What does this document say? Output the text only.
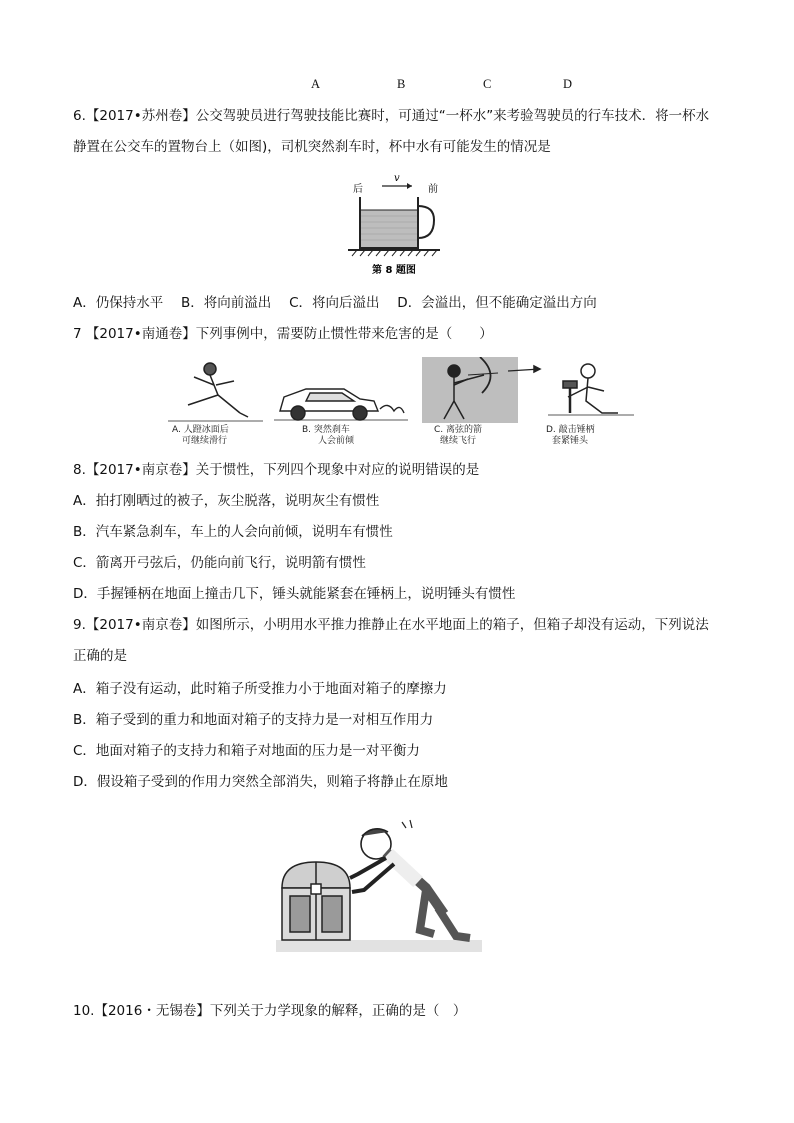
A	B	C	D
6.【2017•苏州卷】公交驾驶员进行驾驶技能比赛时，可通过“一杯水”来考验驾驶员的行车技术．将一杯水
静置在公交车的置物台上（如图)，司机突然刹车时，杯中水有可能发生的情况是
后
v
前
第 8 题图
A．仍保持水平　 B．将向前溢出　 C．将向后溢出　 D．会溢出，但不能确定溢出方向
7 【2017•南通卷】下列事例中，需要防止惯性带来危害的是（　　）
A. 人蹬冰面后
可继续滑行
B. 突然刹车
人会前倾
C. 离弦的箭
继续飞行
D. 敲击锤柄
套紧锤头
8.【2017•南京卷】关于惯性，下列四个现象中对应的说明错误的是
A．拍打刚晒过的被子，灰尘脱落，说明灰尘有惯性
B．汽车紧急刹车，车上的人会向前倾，说明车有惯性
C．箭离开弓弦后，仍能向前飞行，说明箭有惯性
D．手握锤柄在地面上撞击几下，锤头就能紧套在锤柄上，说明锤头有惯性
9.【2017•南京卷】如图所示，小明用水平推力推静止在水平地面上的箱子，但箱子却没有运动，下列说法
正确的是
A．箱子没有运动，此时箱子所受推力小于地面对箱子的摩擦力
B．箱子受到的重力和地面对箱子的支持力是一对相互作用力
C．地面对箱子的支持力和箱子对地面的压力是一对平衡力
D．假设箱子受到的作用力突然全部消失，则箱子将静止在原地
10.【2016・无锡卷】下列关于力学现象的解释，正确的是（　）
